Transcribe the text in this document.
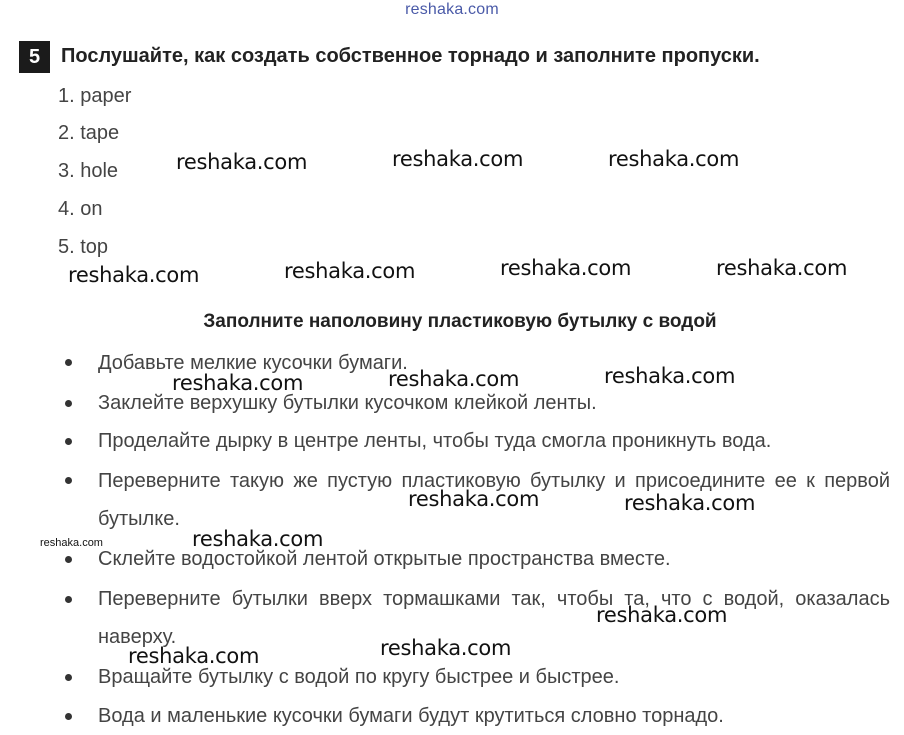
reshaka.com
5	Послушайте, как создать собственное торнадо и заполните пропуски.
1. paper
2. tape
3. hole
4. on
5. top
Заполните наполовину пластиковую бутылку с водой
Добавьте мелкие кусочки бумаги.
Заклейте верхушку бутылки кусочком клейкой ленты.
Проделайте дырку в центре ленты, чтобы туда смогла проникнуть вода.
Переверните такую же пустую пластиковую бутылку и присоедините ее к первой бутылке.
Склейте водостойкой лентой открытые пространства вместе.
Переверните бутылки вверх тормашками так, чтобы та, что с водой, оказалась наверху.
Вращайте бутылку с водой по кругу быстрее и быстрее.
Вода и маленькие кусочки бумаги будут крутиться словно торнадо.
reshaka.com	reshaka.com	reshaka.com
reshaka.com	reshaka.com	reshaka.com	reshaka.com
reshaka.com	reshaka.com	reshaka.com
reshaka.com	reshaka.com
reshaka.com	reshaka.com
reshaka.com
reshaka.com
reshaka.com
